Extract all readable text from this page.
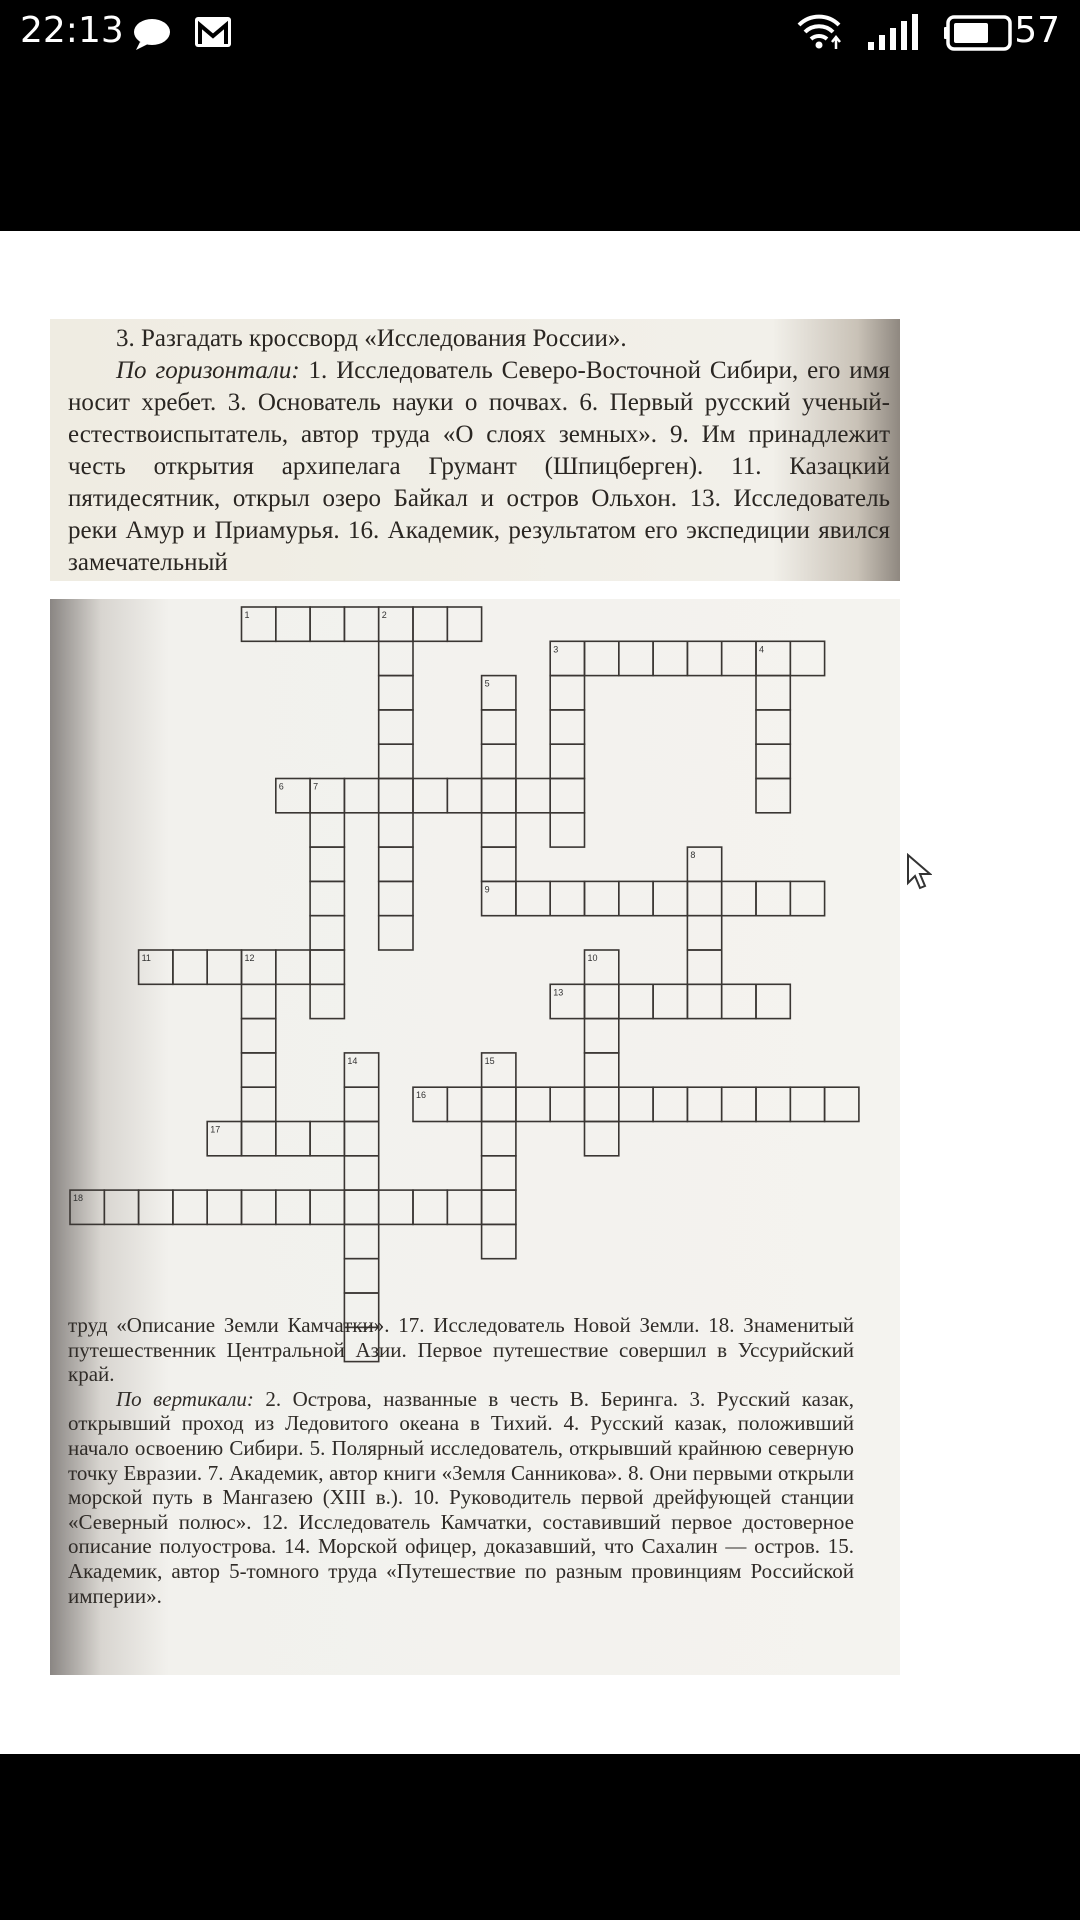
22:13	57

3. Разгадать кроссворд «Исследования России».

По горизонтали: 1. Исследователь Северо-Восточной Сибири, его имя носит хребет. 3. Основатель науки о почвах. 6. Первый русский ученый-естествоиспытатель, автор труда «О слоях земных». 9. Им принадлежит честь открытия архипелага Грумант (Шпицберген). 11. Казацкий пятидесятник, открыл озеро Байкал и остров Ольхон. 13. Исследователь реки Амур и Приамурья. 16. Академик, результатом его экспедиции явился замечательный

1	2
3	4
5
6	7
8
9
10
11	12
13
14	15
16
17
18

труд «Описание Земли Камчатки». 17. Исследователь Новой Земли. 18. Знаменитый путешественник Центральной Азии. Первое путешествие совершил в Уссурийский край.

По вертикали: 2. Острова, названные в честь В. Беринга. 3. Русский казак, открывший проход из Ледовитого океана в Тихий. 4. Русский казак, положивший начало освоению Сибири. 5. Полярный исследователь, открывший крайнюю северную точку Евразии. 7. Академик, автор книги «Земля Санникова». 8. Они первыми открыли морской путь в Мангазею (XIII в.). 10. Руководитель первой дрейфующей станции «Северный полюс». 12. Исследователь Камчатки, составивший первое достоверное описание полуострова. 14. Морской офицер, доказавший, что Сахалин — остров. 15. Академик, автор 5-томного труда «Путешествие по разным провинциям Российской империи».
